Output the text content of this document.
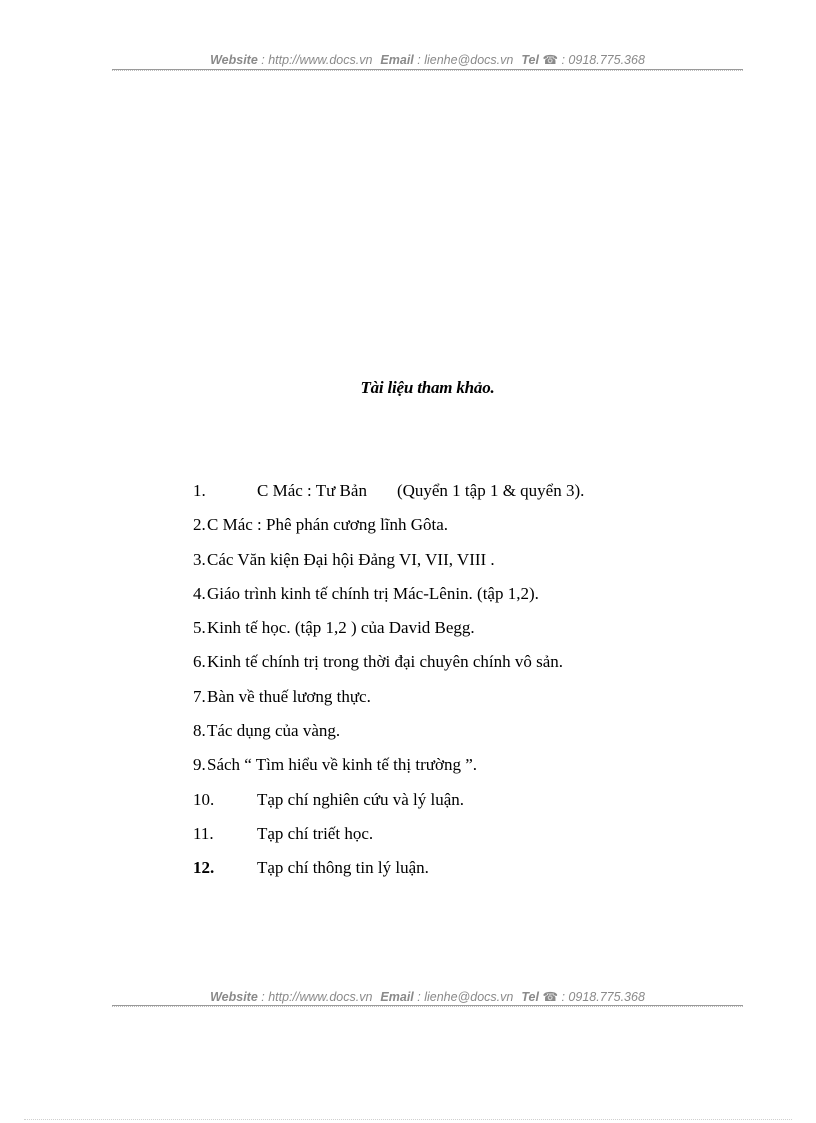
Website : http://www.docs.vn Email : lienhe@docs.vn Tel ☎ : 0918.775.368
Tài liệu tham khảo.
1.	C Mác : Tư Bản (Quyển 1 tập 1 & quyển 3).
2.C Mác : Phê phán cương lĩnh Gôta.
3.Các Văn kiện Đại hội Đảng VI, VII, VIII .
4.Giáo trình kinh tế chính trị Mác-Lênin. (tập 1,2).
5.Kinh tế học. (tập 1,2 ) của David Begg.
6.Kinh tế chính trị trong thời đại chuyên chính vô sản.
7.Bàn về thuế lương thực.
8.Tác dụng của vàng.
9.Sách “ Tìm hiểu về kinh tế thị trường ”.
10.	Tạp chí nghiên cứu và lý luận.
11.	Tạp chí triết học.
12.	Tạp chí thông tin lý luận.
Website : http://www.docs.vn Email : lienhe@docs.vn Tel ☎ : 0918.775.368
